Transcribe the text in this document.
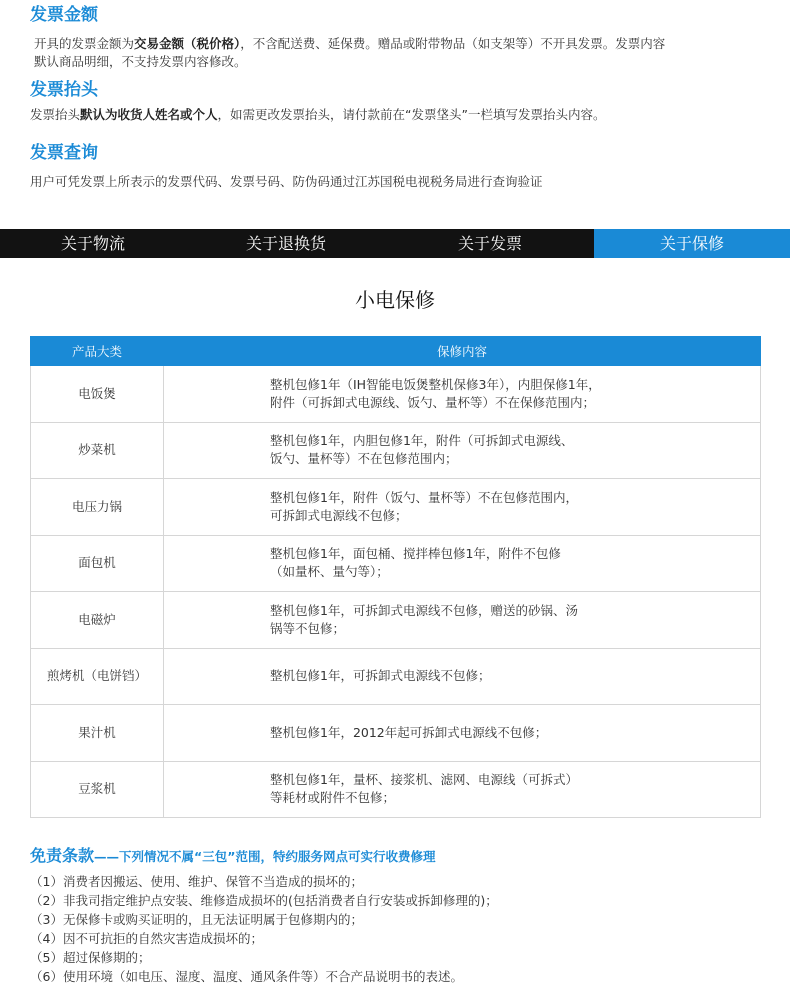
发票金额
开具的发票金额为交易金额（税价格），不含配送费、延保费。赠品或附带物品（如支架等）不开具发票。发票内容
默认商品明细，不支持发票内容修改。
发票抬头
发票抬头默认为收货人姓名或个人，如需更改发票抬头，请付款前在“发票垡头”一栏填写发票抬头内容。
发票查询
用户可凭发票上所表示的发票代码、发票号码、防伪码通过江苏国税电视税务局进行查询验证
关于物流	关于退换货	关于发票	关于保修
小电保修
产品大类	保修内容
电饭煲	整机包修1年（IH智能电饭煲整机保修3年），内胆保修1年，
附件（可拆卸式电源线、饭勺、量杯等）不在保修范围内；

炒菜机	整机包修1年，内胆包修1年，附件（可拆卸式电源线、
饭勺、量杯等）不在包修范围内；

电压力锅	整机包修1年，附件（饭勺、量杯等）不在包修范围内，
可拆卸式电源线不包修；

面包机	整机包修1年，面包桶、搅拌棒包修1年，附件不包修
（如量杯、量勺等）；

电磁炉	整机包修1年，可拆卸式电源线不包修，赠送的砂锅、汤
锅等不包修；

煎烤机（电饼铛）	整机包修1年，可拆卸式电源线不包修；

果汁机	整机包修1年，2012年起可拆卸式电源线不包修；

豆浆机	整机包修1年，量杯、接浆机、滤网、电源线（可拆式）
等耗材或附件不包修；
免责条款——下列情况不属“三包”范围，特约服务网点可实行收费修理
（1）消费者因搬运、使用、维护、保管不当造成的损坏的；
（2）非我司指定维护点安装、维修造成损坏的(包括消费者自行安装或拆卸修理的)；
（3）无保修卡或购买证明的，且无法证明属于包修期内的；
（4）因不可抗拒的自然灾害造成损坏的；
（5）超过保修期的；
（6）使用环境（如电压、湿度、温度、通风条件等）不合产品说明书的表述。
